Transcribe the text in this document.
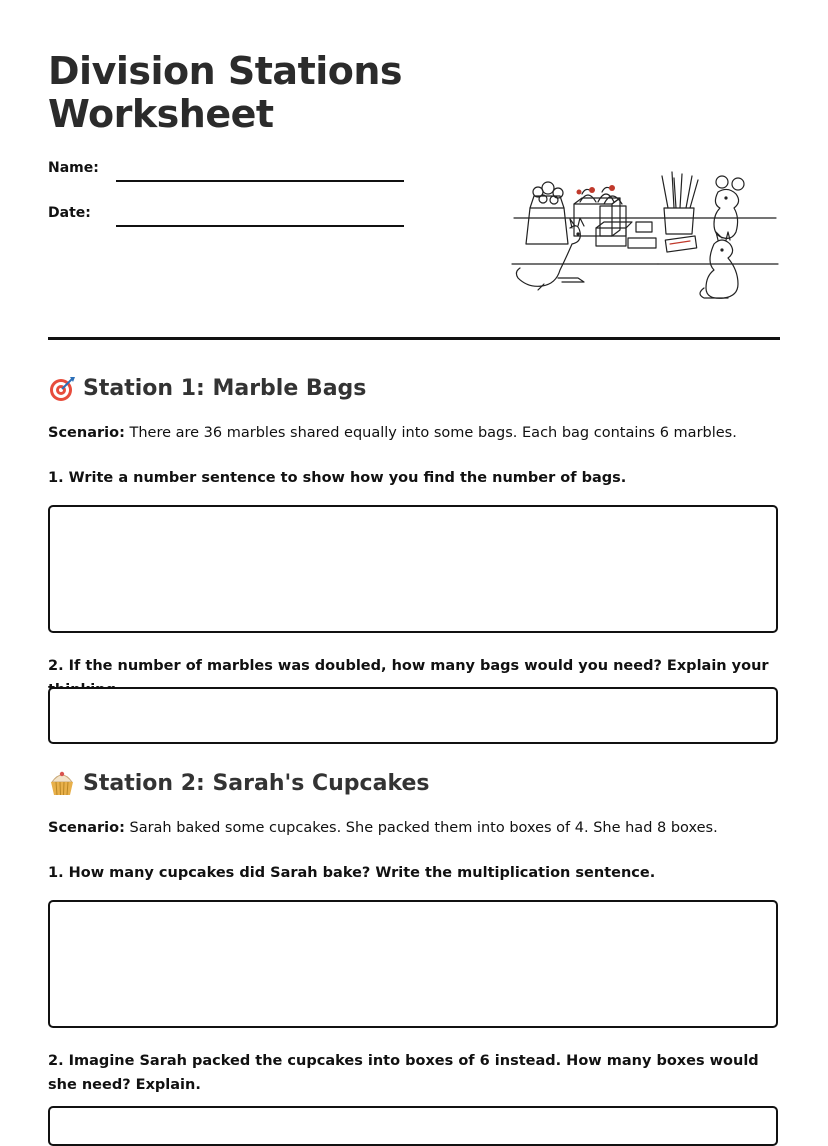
Division Stations
Worksheet
Name:
Date:
Station 1: Marble Bags
Scenario: There are 36 marbles shared equally into some bags. Each bag contains 6 marbles.
1. Write a number sentence to show how you find the number of bags.
2. If the number of marbles was doubled, how many bags would you need? Explain your
Station 2: Sarah's Cupcakes
Scenario: Sarah baked some cupcakes. She packed them into boxes of 4. She had 8 boxes.
1. How many cupcakes did Sarah bake? Write the multiplication sentence.
2. Imagine Sarah packed the cupcakes into boxes of 6 instead. How many boxes would she need? Explain.
